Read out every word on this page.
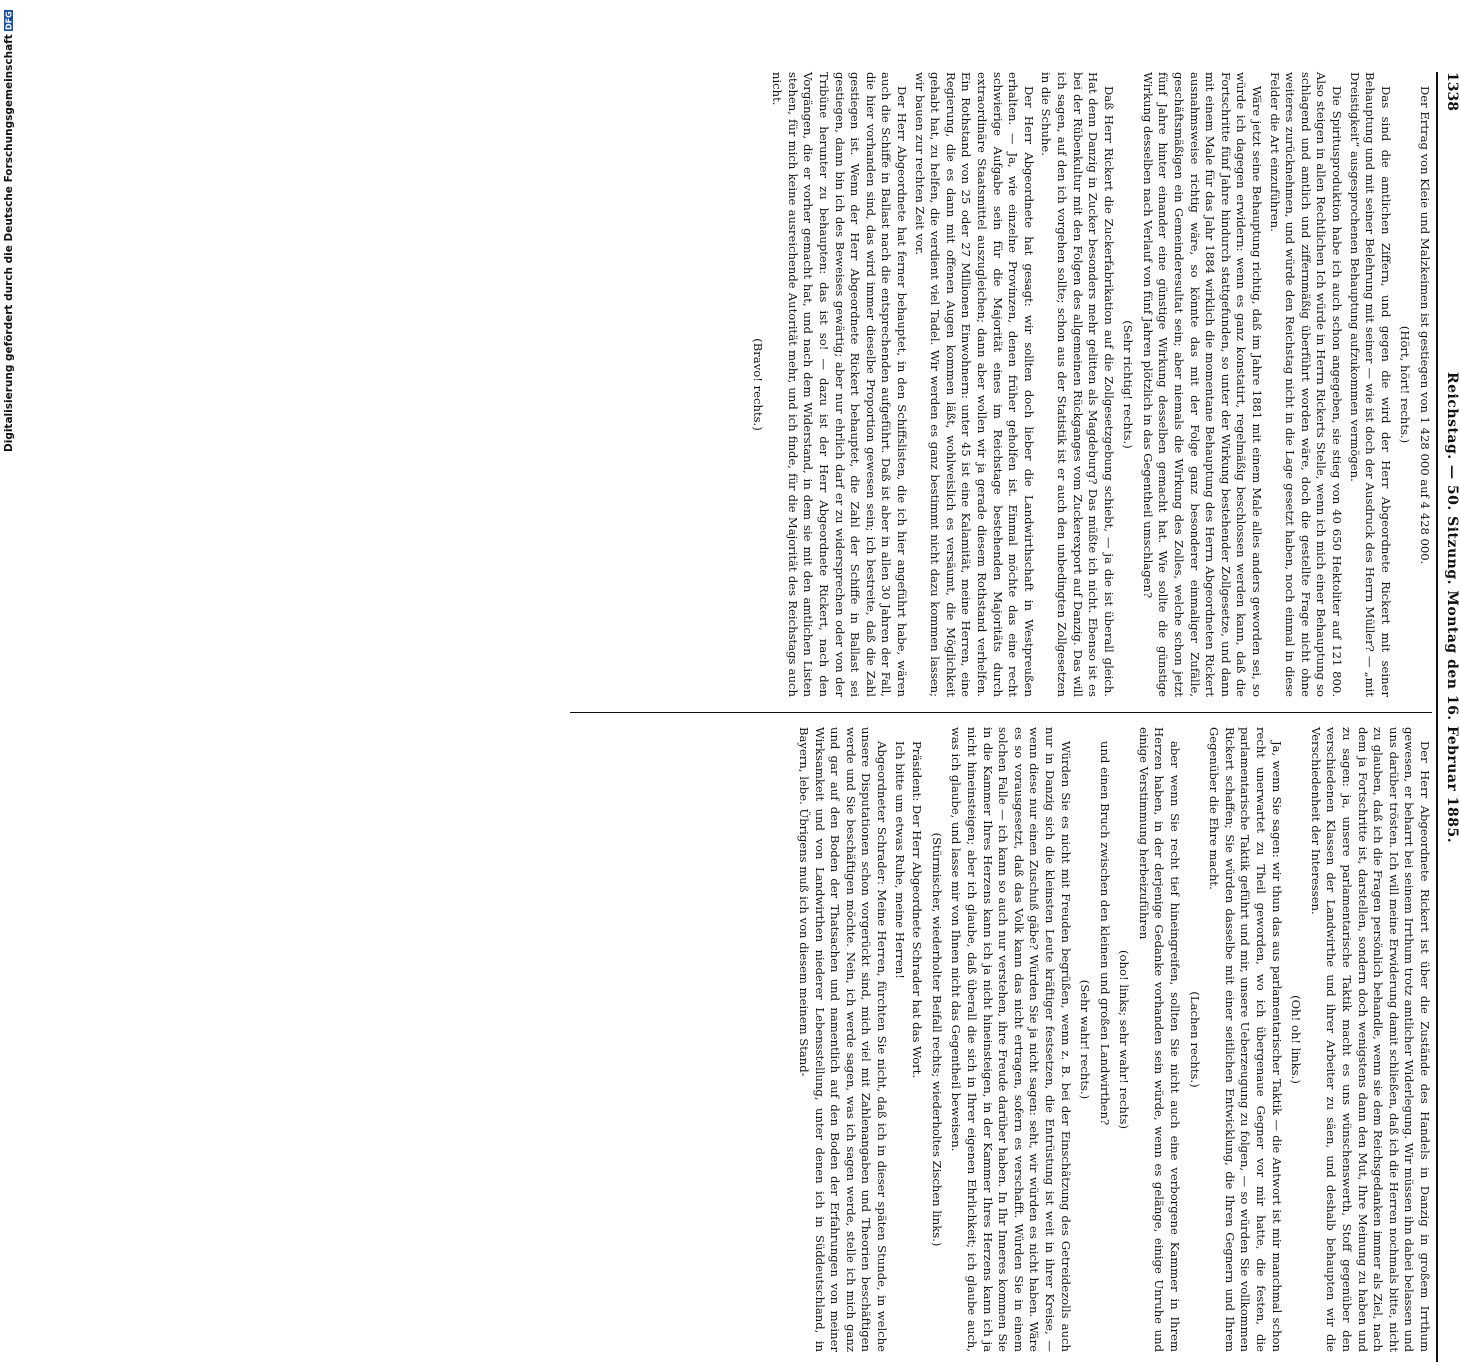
Digitalisierung gefördert durch die Deutsche Forschungsgemeinschaft
DFG
1338
Reichstag. — 50. Sitzung. Montag den 16. Februar 1885.

Der Ertrag von Kleie und Malzkeimen ist gestiegen von 1 428 000 auf 4 428 000.

(Hört, hört! rechts.)

Das sind die amtlichen Ziffern, und gegen die wird der Herr Abgeordnete Rickert mit seiner Behauptung und mit seiner Belehrung mit seiner — wie ist doch der Ausdruck des Herrn Müller? — „mit Dreistigkeit“ ausgesprochenen Behauptung aufzukommen vermögen.

Die Spiritusproduktion habe ich auch schon angegeben, sie stieg von 40 650 Hektoliter auf 121 800. Also steigen in allen Rechtlichen Ich würde in Herrn Rickerts Stelle, wenn ich mich einer Behauptung so schlagend und amtlich und ziffernmäßig überführt worden wäre, doch die gestellte Frage nicht ohne weiteres zurücknehmen, und würde den Reichstag nicht in die Lage gesetzt haben, noch einmal in diese Felder die Art einzuführen.

Wäre jetzt seine Behauptung richtig, daß im Jahre 1881 mit einem Male alles anders geworden sei, so würde ich dagegen erwidern: wenn es ganz konstatirt, regelmäßig beschlossen werden kann, daß die Fortschritte fünf Jahre hindurch stattgefunden, so unter der Wirkung bestehender Zollgesetze, und dann mit einem Male für das Jahr 1884 wirklich die momentane Behauptung des Herrn Abgeordneten Rickert ausnahmsweise richtig wäre, so könnte das mit der Folge ganz besonderer einmaliger Zufälle, geschäftsmäßigen ein Gemeinderesultat sein; aber niemals die Wirkung des Zolles, welche schon jetzt fünf Jahre hinter einander eine günstige Wirkung desselben gemacht hat. Wie sollte die günstige Wirkung desselben nach Verlauf von fünf Jahren plötzlich in das Gegentheil umschlagen?

(Sehr richtig! rechts.)

Daß Herr Rickert die Zuckerfabrikation auf die Zollgesetzgebung schiebt, — ja die ist überall gleich. Hat denn Danzig in Zucker besonders mehr gelitten als Magdeburg? Das müßte ich nicht. Ebenso ist es bei der Rübenkultur mit den Folgen des allgemeinen Rückganges vom Zuckerexport auf Danzig. Das will ich sagen, auf den ich vorgehen sollte; schon aus der Statistik ist er auch den unbedingten Zollgesetzen in die Schuhe.

Der Herr Abgeordnete hat gesagt: wir sollten doch lieber die Landwirthschaft in Westpreußen erhalten. — Ja, wie einzelne Provinzen, denen früher geholfen ist. Einmal möchte das eine recht schwierige Aufgabe sein für die Majorität eines im Reichstage bestehenden Majoritäts durch extraordinäre Staatsmittel auszugleichen; dann aber wollen wir ja gerade diesem Rothstand verhelfen. Ein Rothstand von 25 oder 27 Millionen Einwohnern: unter 45 ist eine Kalamität, meine Herren, eine Regierung, die es dann mit offenen Augen kommen läßt, wohlweislich es versäumt, die Möglichkeit gehabt hat, zu helfen, die verdient viel Tadel. Wir werden es ganz bestimmt nicht dazu kommen lassen; wir bauen zur rechten Zeit vor.

Der Herr Abgeordnete hat ferner behauptet, in den Schiffslisten, die ich hier angeführt habe, wären auch die Schiffe in Ballast nach die entsprechenden aufgeführt. Daß ist aber in allen 30 Jahren der Fall, die hier vorhanden sind, das wird immer dieselbe Proportion gewesen sein; ich bestreite, daß die Zahl gestiegen ist. Wenn der Herr Abgeordnete Rickert behauptet, die Zahl der Schiffe in Ballast sei gestiegen, dann bin ich des Beweises gewärtig; aber nur ehrlich darf er zu widersprechen oder von der Tribüne herunter zu behaupten: das ist so! — dazu ist der Herr Abgeordnete Rickert, nach den Vorgängen, die er vorher gemacht hat, und nach dem Widerstand, in dem sie mit den amtlichen Listen stehen, für mich keine ausreichende Autorität mehr, und ich finde, für die Majorität des Reichstags auch nicht.

(Bravo! rechts.)

Der Herr Abgeordnete Rickert ist über die Zustände des Handels in Danzig in großem Irrthum gewesen, er beharrt bei seinem Irrthum trotz amtlicher Widerlegung. Wir müssen ihn dabei belassen und uns darüber trösten. Ich will meine Erwiderung damit schließen, daß ich die Herren nochmals bitte, nicht zu glauben, daß ich die Fragen persönlich behandle, wenn sie dem Reichsgedanken immer als Ziel, nach dem ja Fortschritte ist, darstellen, sondern doch wenigstens dann den Mut, Ihre Meinung zu haben und zu sagen: ja, unsere parlamentarische Taktik macht es uns wünschenswerth, Stoff gegenüber den verschiedenen Klassen der Landwirthe und ihrer Arbeiter zu säen, und deshalb behaupten wir die Verschiedenheit der Interessen.

(Oh! oh! links.)

Ja, wenn Sie sagen: wir thun das aus parlamentarischer Taktik — die Antwort ist mir manchmal schon recht unerwartet zu Theil geworden, wo ich übergenaue Gegner vor mir hatte, die festen, die parlamentarische Taktik geführt und mir, unsere Ueberzeugung zu folgen, — so würden Sie vollkommen Rickert schaffen; Sie würden dasselbe mit einer seitlichen Entwicklung, die Ihren Gegnern und Ihrem Gegenüber die Ehre macht.

(Lachen rechts.)

aber wenn Sie recht tief hineingreifen, sollten Sie nicht auch eine verborgene Kammer in Ihrem Herzen haben, in der derjenige Gedanke vorhanden sein würde, wenn es gelänge, einige Unruhe und einige Verstimmung herbeizuführen

(oho! links; sehr wahr! rechts)

und einen Bruch zwischen den kleinen und großen Landwirthen?

(Sehr wahr! rechts.)

Würden Sie es nicht mit Freuden begrüßen, wenn z. B. bei der Einschätzung des Getreidezolls auch nur in Danzig sich die kleinsten Leute kräftiger festsetzen, die Entrüstung ist weit in ihrer Kreise, — wenn diese nur einen Zuschuß gäbe? Würden Sie ja nicht sagen: seht, wir würden es nicht haben. Wäre es so vorausgesetzt, daß das Volk kann das nicht ertragen, sofern es verschafft. Würden Sie in einem solchen Falle — ich kann so auch nur verstehen, ihre Freude darüber haben. In Ihr Inneres kommen Sie in die Kammer Ihres Herzens kann ich ja nicht hineinsteigen, in der Kammer Ihres Herzens kann ich ja nicht hineinsteigen; aber ich glaube, daß überall die sich in Ihrer eigenen Ehrlichkeit; ich glaube auch, was ich glaube, und lasse mir von Ihnen nicht das Gegentheil beweisen.

(Stürmischer, wiederholter Beifall rechts; wiederholtes Zischen links.)

Präsident: Der Herr Abgeordnete Schrader hat das Wort.

Ich bitte um etwas Ruhe, meine Herren!

Abgeordneter Schrader: Meine Herren, fürchten Sie nicht, daß ich in dieser späten Stunde, in welche unsere Disputationen schon vorgerückt sind, mich viel mit Zahlenangaben und Theorien beschäftigen werde und Sie beschäftigen möchte. Nein, ich werde sagen, was ich sagen werde, stelle ich mich ganz und gar auf den Boden der Thatsachen und namentlich auf den Boden der Erfahrungen von meiner Wirksamkeit und von Landwirthen niederer Lebensstellung, unter denen ich in Süddeutschland, in Bayern, lebe. Übrigens muß ich von diesem meinem Stand-
